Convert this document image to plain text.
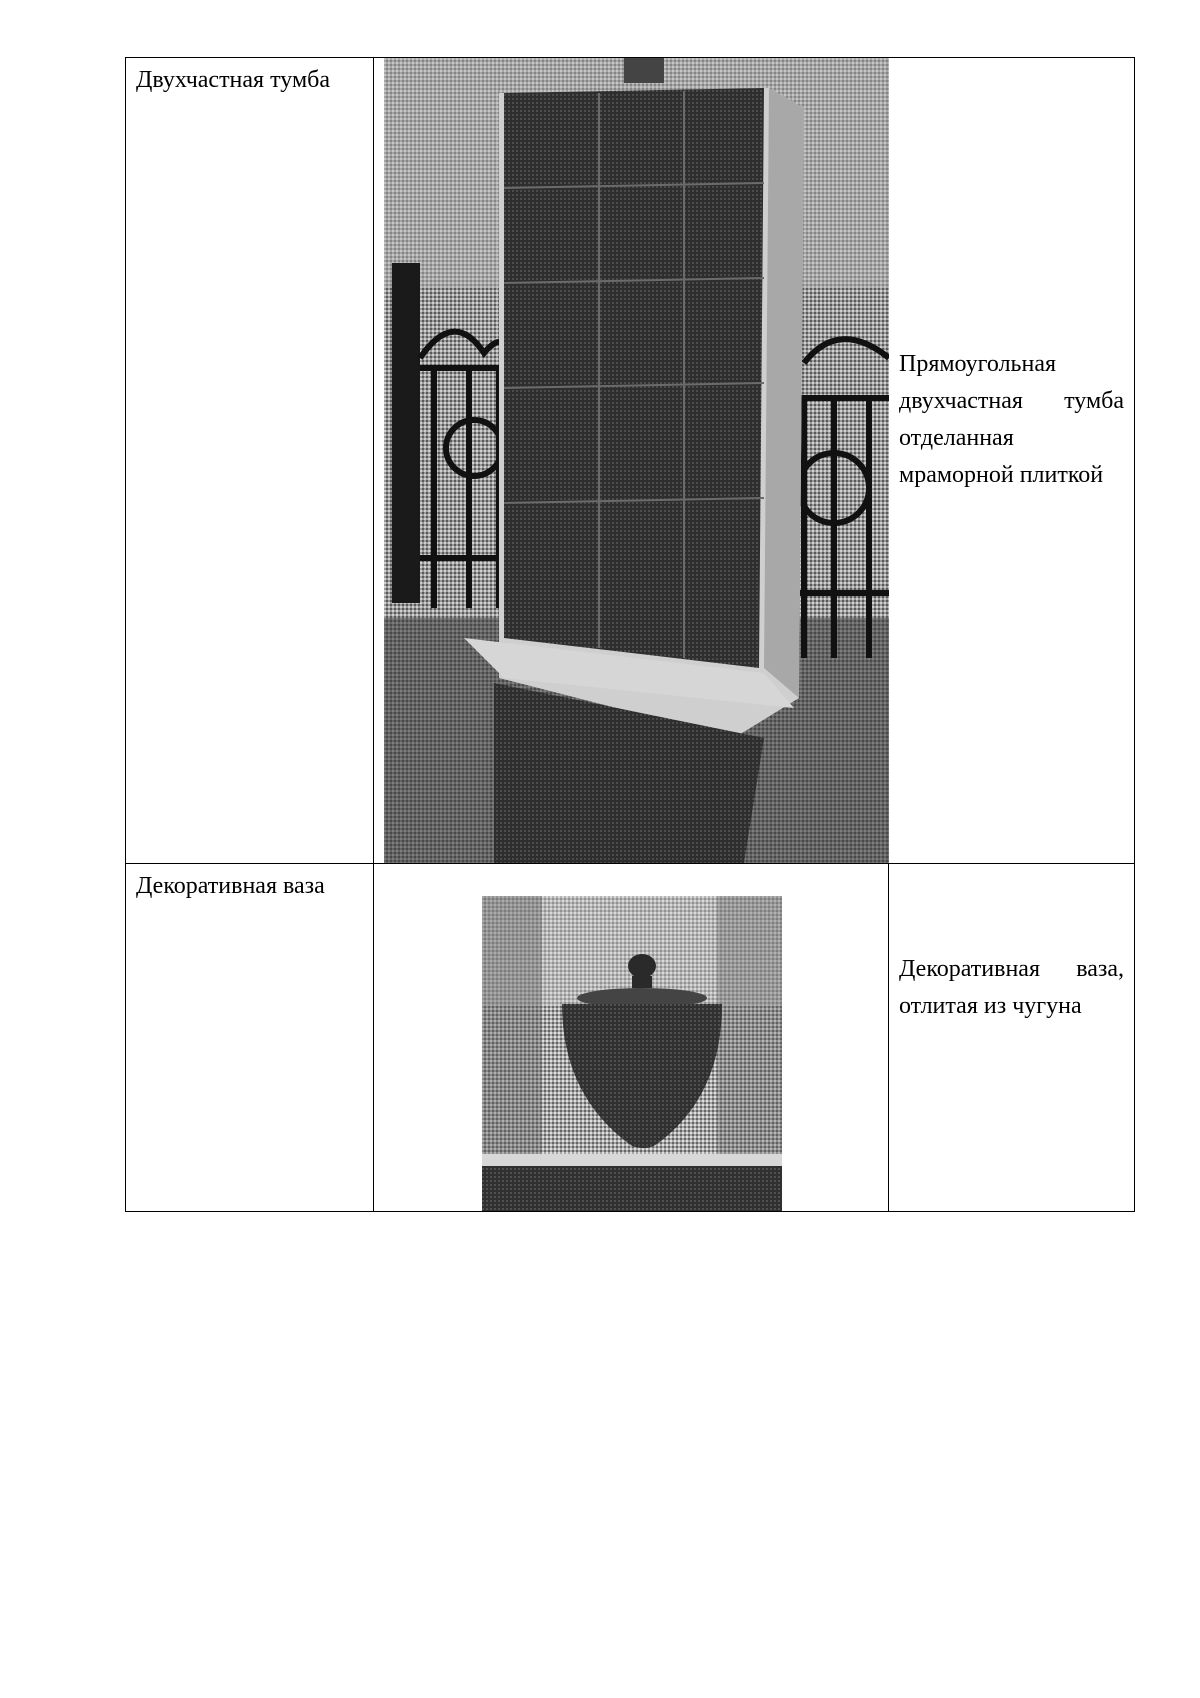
Двухчастная тумба
Прямоугольная двухчастная тумба отделанная мраморной плиткой
Декоративная ваза
Декоративная ваза, отлитая из чугуна
